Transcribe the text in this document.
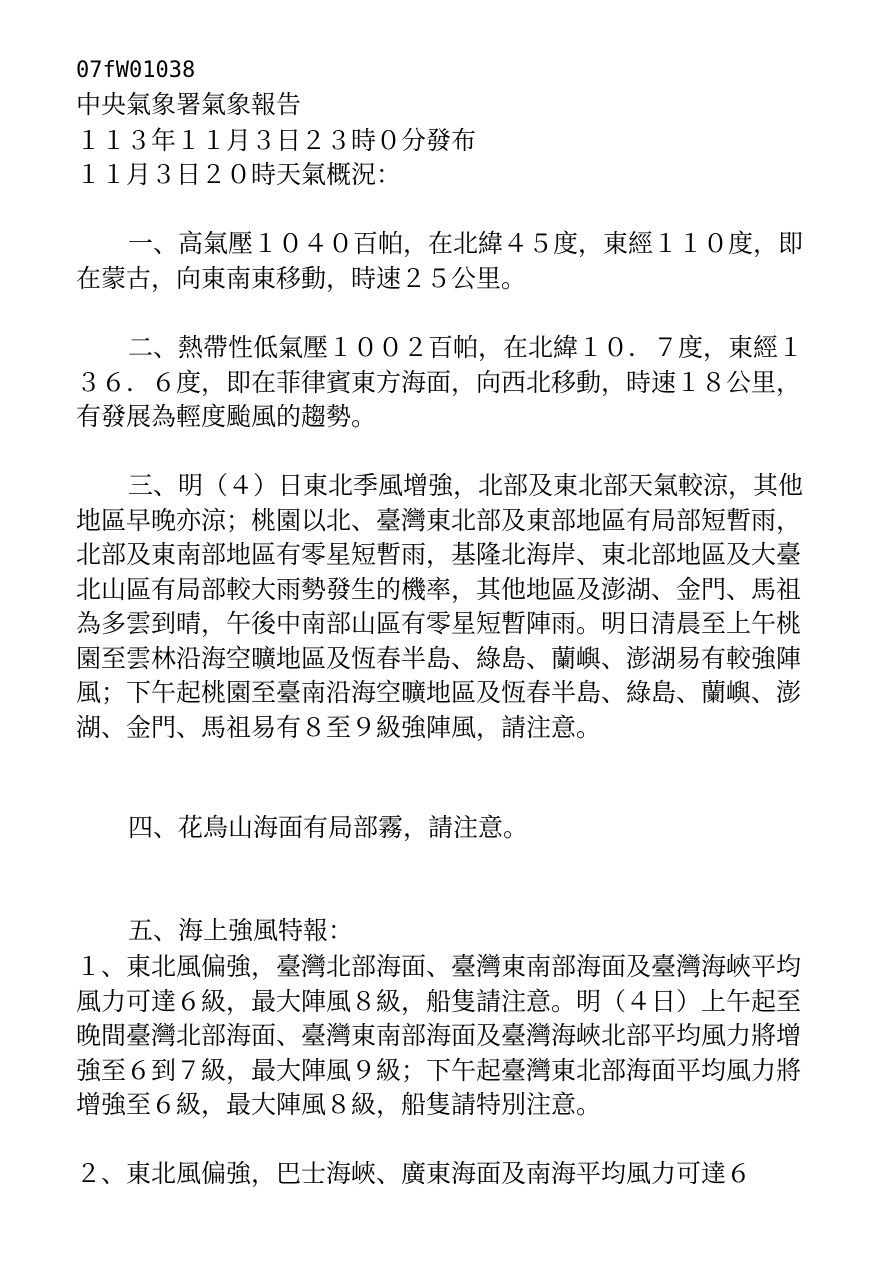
07fW01038
中央氣象署氣象報告
１１３年１１月３日２３時０分發布
１１月３日２０時天氣概況：
一、高氣壓１０４０百帕，在北緯４５度，東經１１０度，即在蒙古，向東南東移動，時速２５公里。
二、熱帶性低氣壓１００２百帕，在北緯１０．７度，東經１３６．６度，即在菲律賓東方海面，向西北移動，時速１８公里，有發展為輕度颱風的趨勢。
三、明（４）日東北季風增強，北部及東北部天氣較涼，其他地區早晚亦涼；桃園以北、臺灣東北部及東部地區有局部短暫雨，北部及東南部地區有零星短暫雨，基隆北海岸、東北部地區及大臺北山區有局部較大雨勢發生的機率，其他地區及澎湖、金門、馬祖為多雲到晴，午後中南部山區有零星短暫陣雨。明日清晨至上午桃園至雲林沿海空曠地區及恆春半島、綠島、蘭嶼、澎湖易有較強陣風；下午起桃園至臺南沿海空曠地區及恆春半島、綠島、蘭嶼、澎湖、金門、馬祖易有８至９級強陣風，請注意。
四、花鳥山海面有局部霧，請注意。
五、海上強風特報：
１、東北風偏強，臺灣北部海面、臺灣東南部海面及臺灣海峽平均風力可達６級，最大陣風８級，船隻請注意。明（４日）上午起至晚間臺灣北部海面、臺灣東南部海面及臺灣海峽北部平均風力將增強至６到７級，最大陣風９級；下午起臺灣東北部海面平均風力將增強至６級，最大陣風８級，船隻請特別注意。
２、東北風偏強，巴士海峽、廣東海面及南海平均風力可達６
